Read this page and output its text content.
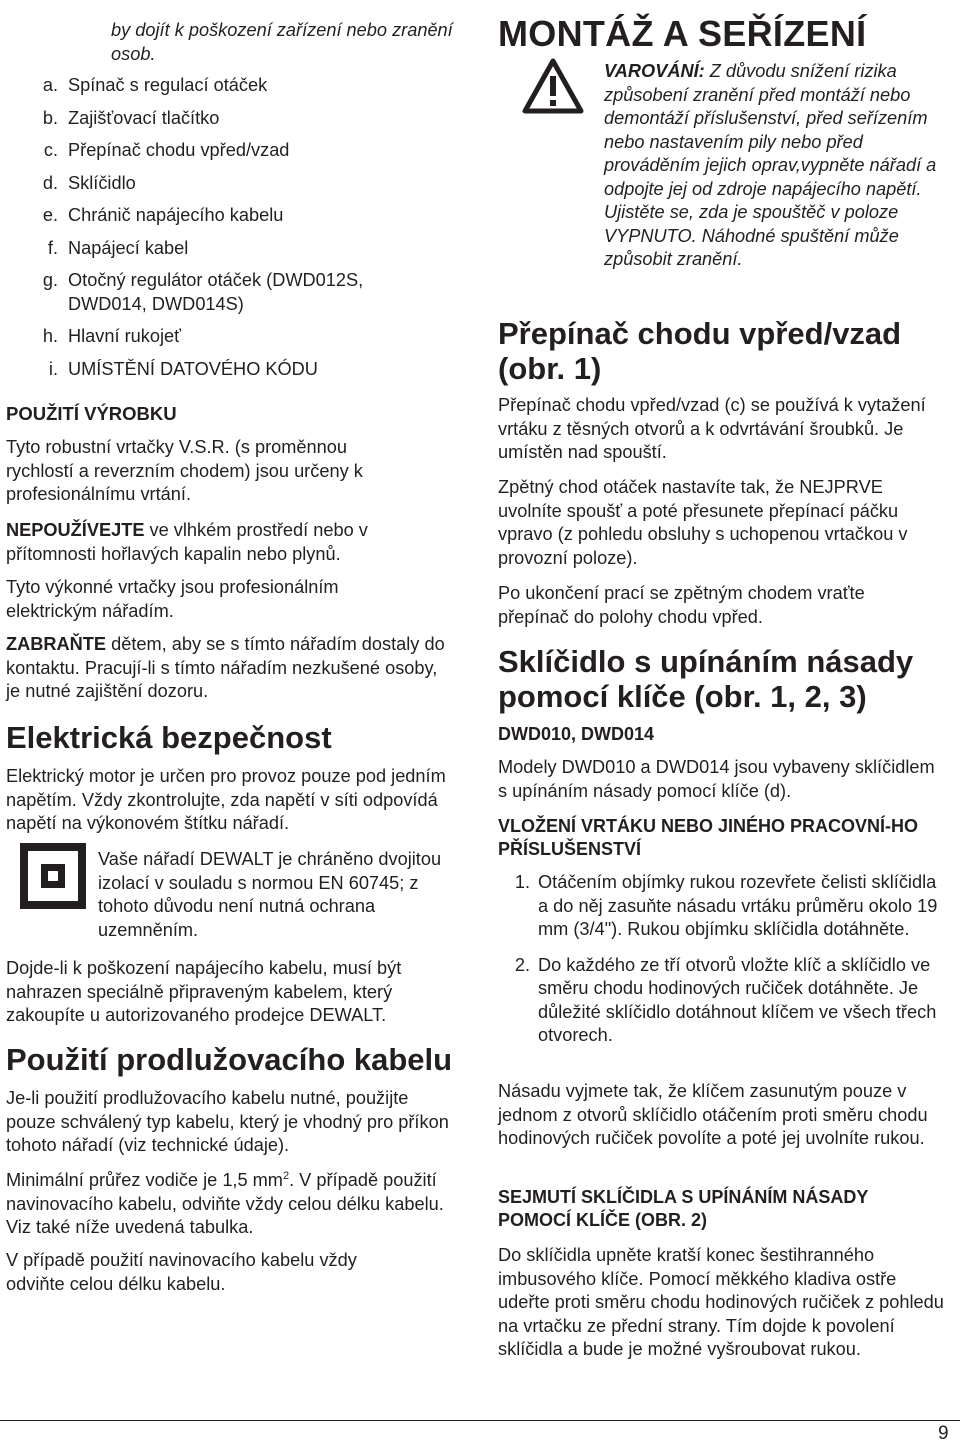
by dojít k poškození zařízení nebo zranění osob.

a. Spínač s regulací otáček
b. Zajišťovací tlačítko
c. Přepínač chodu vpřed/vzad
d. Sklíčidlo
e. Chránič napájecího kabelu
f. Napájecí kabel
g. Otočný regulátor otáček (DWD012S, DWD014, DWD014S)
h. Hlavní rukojeť
i. UMÍSTĚNÍ DATOVÉHO KÓDU
POUŽITÍ VÝROBKU

Tyto robustní vrtačky V.S.R. (s proměnnou rychlostí a reverzním chodem) jsou určeny k profesionálnímu vrtání.

NEPOUŽÍVEJTE ve vlhkém prostředí nebo v přítomnosti hořlavých kapalin nebo plynů.

Tyto výkonné vrtačky jsou profesionálním elektrickým nářadím.

ZABRAŇTE dětem, aby se s tímto nářadím dostaly do kontaktu. Pracují-li s tímto nářadím nezkušené osoby, je nutné zajištění dozoru.

Elektrická bezpečnost

Elektrický motor je určen pro provoz pouze pod jedním napětím. Vždy zkontrolujte, zda napětí v síti odpovídá napětí na výkonovém štítku nářadí.

Vaše nářadí DEWALT je chráněno dvojitou izolací v souladu s normou EN 60745; z tohoto důvodu není nutná ochrana uzemněním.

Dojde-li k poškození napájecího kabelu, musí být nahrazen speciálně připraveným kabelem, který zakoupíte u autorizovaného prodejce DEWALT.

Použití prodlužovacího kabelu

Je-li použití prodlužovacího kabelu nutné, použijte pouze schválený typ kabelu, který je vhodný pro příkon tohoto nářadí (viz technické údaje).

Minimální průřez vodiče je 1,5 $mm^2$. V případě použití navinovacího kabelu, odviňte vždy celou délku kabelu. Viz také níže uvedená tabulka.

V případě použití navinovacího kabelu vždy odviňte celou délku kabelu.

MONTÁŽ A SEŘÍZENÍ

VAROVÁNÍ: Z důvodu snížení rizika způsobení zranění před montáží nebo demontáží příslušenství, před seřízením nebo nastavením pily nebo před prováděním jejich oprav,vypněte nářadí a odpojte jej od zdroje napájecího napětí. Ujistěte se, zda je spouštěč v poloze VYPNUTO. Náhodné spuštění může způsobit zranění.

Přepínač chodu vpřed/vzad (obr. 1)

Přepínač chodu vpřed/vzad (c) se používá k vytažení vrtáku z těsných otvorů a k odvrtávání šroubků. Je umístěn nad spouští.

Zpětný chod otáček nastavíte tak, že NEJPRVE uvolníte spoušť a poté přesunete přepínací páčku vpravo (z pohledu obsluhy s uchopenou vrtačkou v provozní poloze).

Po ukončení prací se zpětným chodem vraťte přepínač do polohy chodu vpřed.

Sklíčidlo s upínáním násady pomocí klíče (obr. 1, 2, 3)
DWD010, DWD014

Modely DWD010 a DWD014 jsou vybaveny sklíčidlem s upínáním násady pomocí klíče (d).

VLOŽENÍ VRTÁKU NEBO JINÉHO PRACOVNÍ-HO PŘÍSLUŠENSTVÍ
1. Otáčením objímky rukou rozevřete čelisti sklíčidla a do něj zasuňte násadu vrtáku průměru okolo 19 mm (3/4"). Rukou objímku sklíčidla dotáhněte.
2. Do každého ze tří otvorů vložte klíč a sklíčidlo ve směru chodu hodinových ručiček dotáhněte. Je důležité sklíčidlo dotáhnout klíčem ve všech třech otvorech.

Násadu vyjmete tak, že klíčem zasunutým pouze v jednom z otvorů sklíčidlo otáčením proti směru chodu hodinových ručiček povolíte a poté jej uvolníte rukou.

SEJMUTÍ SKLÍČIDLA S UPÍNÁNÍM NÁSADY POMOCÍ KLÍČE (OBR. 2)

Do sklíčidla upněte kratší konec šestihranného imbusového klíče. Pomocí měkkého kladiva ostře udeřte proti směru chodu hodinových ručiček z pohledu na vrtačku ze přední strany. Tím dojde k povolení sklíčidla a bude je možné vyšroubovat rukou.

9
